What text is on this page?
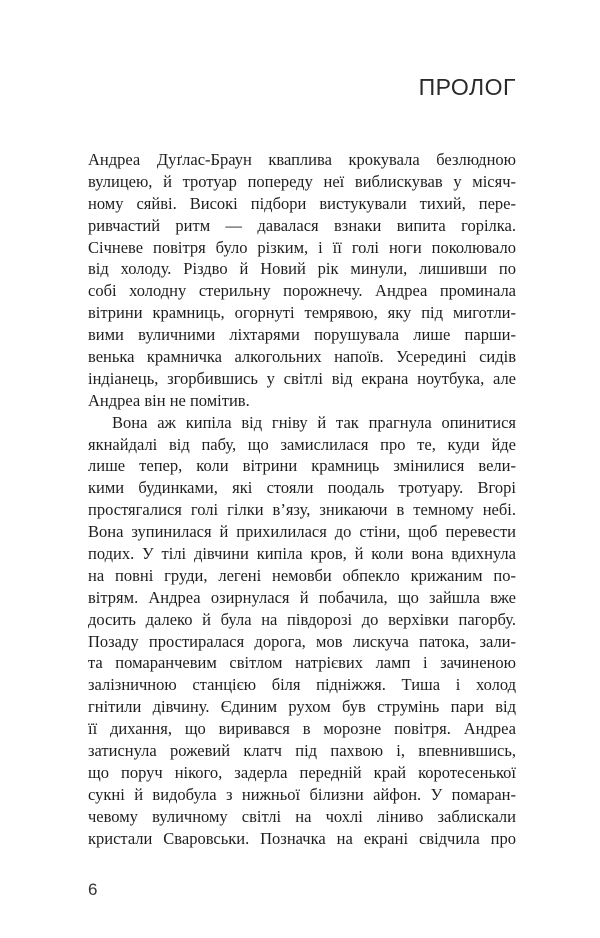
ПРОЛОГ
Андреа Дуґлас-Браун кваплива крокувала безлюдною
вулицею, й тротуар попереду неї виблискував у місяч-
ному сяйві. Високі підбори вистукували тихий, пере-
ривчастий ритм — давалася взнаки випита горілка.
Січневе повітря було різким, і її голі ноги поколювало
від холоду. Різдво й Новий рік минули, лишивши по
собі холодну стерильну порожнечу. Андреа проминала
вітрини крамниць, огорнуті темрявою, яку під миготли-
вими вуличними ліхтарями порушувала лише парши-
венька крамничка алкогольних напоїв. Усередині сидів
індіанець, згорбившись у світлі від екрана ноутбука, але
Андреа він не помітив.
Вона аж кипіла від гніву й так прагнула опинитися
якнайдалі від пабу, що замислилася про те, куди йде
лише тепер, коли вітрини крамниць змінилися вели-
кими будинками, які стояли поодаль тротуару. Вгорі
простягалися голі гілки в’язу, зникаючи в темному небі.
Вона зупинилася й прихилилася до стіни, щоб перевести
подих. У тілі дівчини кипіла кров, й коли вона вдихнула
на повні груди, легені немовби обпекло крижаним по-
вітрям. Андреа озирнулася й побачила, що зайшла вже
досить далеко й була на півдорозі до верхівки пагорбу.
Позаду простиралася дорога, мов лискуча патока, зали-
та помаранчевим світлом натрієвих ламп і зачиненою
залізничною станцією біля підніжжя. Тиша і холод
гнітили дівчину. Єдиним рухом був струмінь пари від
її дихання, що виривався в морозне повітря. Андреа
затиснула рожевий клатч під пахвою і, впевнившись,
що поруч нікого, задерла передній край коротесенької
сукні й видобула з нижньої білизни айфон. У помаран-
чевому вуличному світлі на чохлі ліниво заблискали
кристали Сваровськи. Позначка на екрані свідчила про
6
